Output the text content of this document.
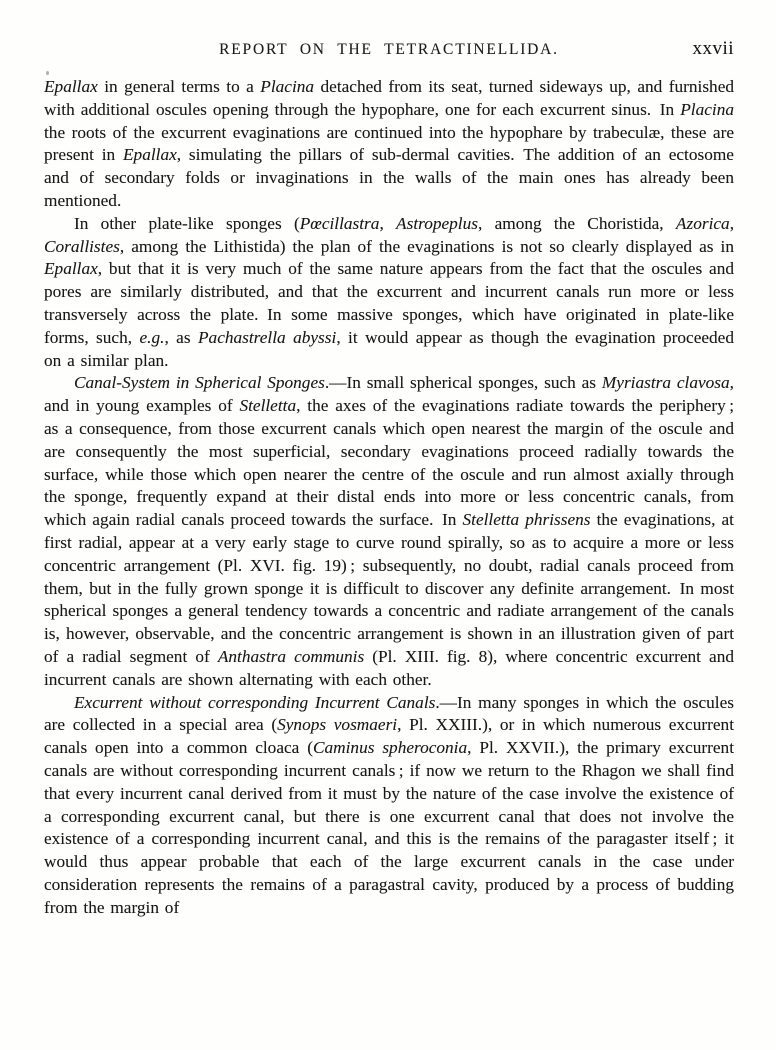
REPORT ON THE TETRACTINELLIDA.	xxvii

Epallax in general terms to a Placina detached from its seat, turned sideways up, and furnished with additional oscules opening through the hypophare, one for each excurrent sinus. In Placina the roots of the excurrent evaginations are continued into the hypophare by trabeculæ, these are present in Epallax, simulating the pillars of sub-dermal cavities. The addition of an ectosome and of secondary folds or invaginations in the walls of the main ones has already been mentioned.

In other plate-like sponges (Pœcillastra, Astropeplus, among the Choristida, Azorica, Corallistes, among the Lithistida) the plan of the evaginations is not so clearly displayed as in Epallax, but that it is very much of the same nature appears from the fact that the oscules and pores are similarly distributed, and that the excurrent and incurrent canals run more or less transversely across the plate. In some massive sponges, which have originated in plate-like forms, such, e.g., as Pachastrella abyssi, it would appear as though the evagination proceeded on a similar plan.

Canal-System in Spherical Sponges.—In small spherical sponges, such as Myriastra clavosa, and in young examples of Stelletta, the axes of the evaginations radiate towards the periphery ; as a consequence, from those excurrent canals which open nearest the margin of the oscule and are consequently the most superficial, secondary evaginations proceed radially towards the surface, while those which open nearer the centre of the oscule and run almost axially through the sponge, frequently expand at their distal ends into more or less concentric canals, from which again radial canals proceed towards the surface. In Stelletta phrissens the evaginations, at first radial, appear at a very early stage to curve round spirally, so as to acquire a more or less concentric arrangement (Pl. XVI. fig. 19) ; subsequently, no doubt, radial canals proceed from them, but in the fully grown sponge it is difficult to discover any definite arrangement. In most spherical sponges a general tendency towards a concentric and radiate arrangement of the canals is, however, observable, and the concentric arrangement is shown in an illustration given of part of a radial segment of Anthastra communis (Pl. XIII. fig. 8), where concentric excurrent and incurrent canals are shown alternating with each other.

Excurrent without corresponding Incurrent Canals.—In many sponges in which the oscules are collected in a special area (Synops vosmaeri, Pl. XXIII.), or in which numerous excurrent canals open into a common cloaca (Caminus spheroconia, Pl. XXVII.), the primary excurrent canals are without corresponding incurrent canals ; if now we return to the Rhagon we shall find that every incurrent canal derived from it must by the nature of the case involve the existence of a corresponding excurrent canal, but there is one excurrent canal that does not involve the existence of a corresponding incurrent canal, and this is the remains of the paragaster itself ; it would thus appear probable that each of the large excurrent canals in the case under consideration represents the remains of a paragastral cavity, produced by a process of budding from the margin of
